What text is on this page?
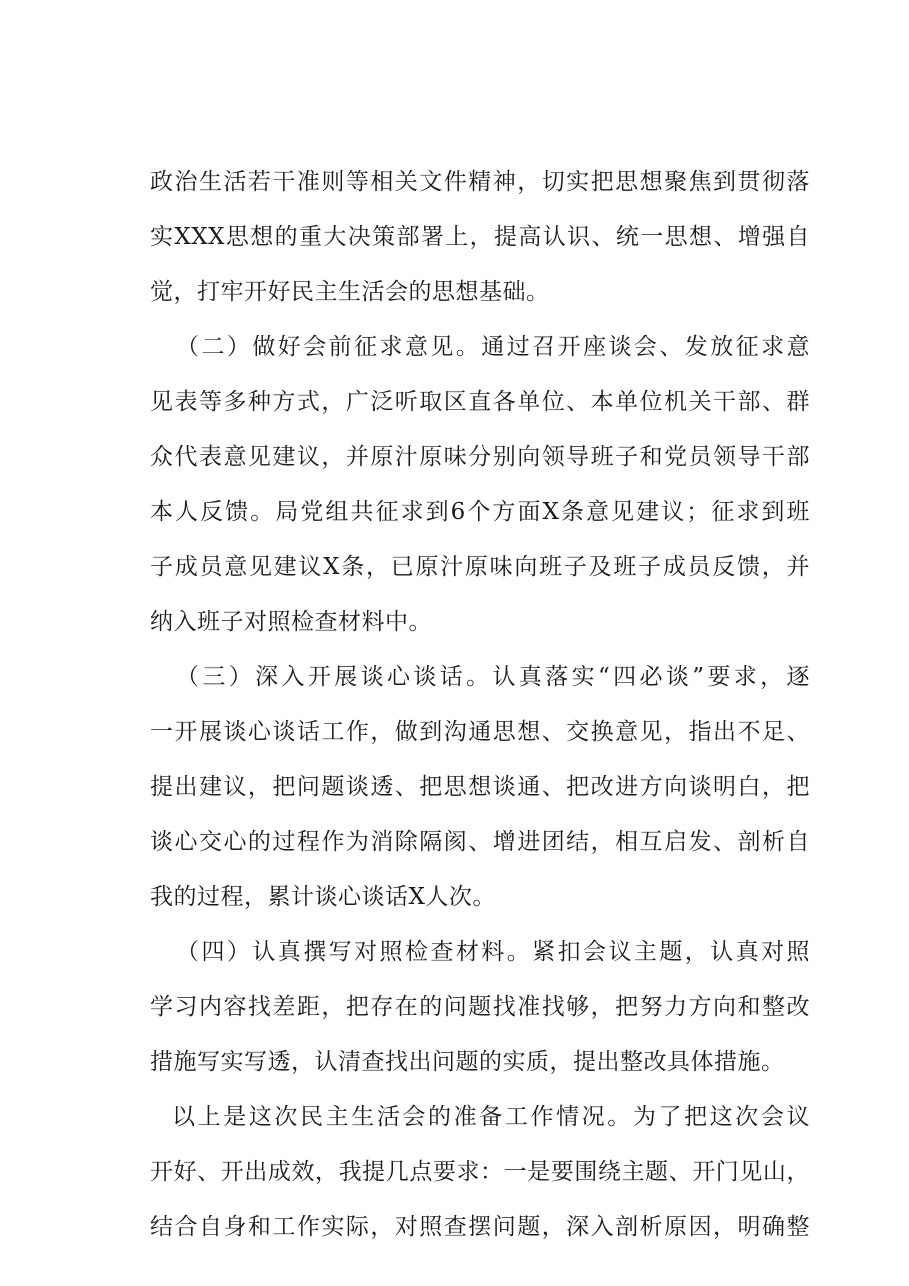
政治生活若干准则等相关文件精神，切实把思想聚焦到贯彻落
实XXX思想的重大决策部署上，提高认识、统一思想、增强自
觉，打牢开好民主生活会的思想基础。
（二）做好会前征求意见。通过召开座谈会、发放征求意
见表等多种方式，广泛听取区直各单位、本单位机关干部、群
众代表意见建议，并原汁原味分别向领导班子和党员领导干部
本人反馈。局党组共征求到6个方面X条意见建议；征求到班
子成员意见建议X条，已原汁原味向班子及班子成员反馈，并
纳入班子对照检查材料中。
（三）深入开展谈心谈话。认真落实“四必谈”要求，逐
一开展谈心谈话工作，做到沟通思想、交换意见，指出不足、
提出建议，把问题谈透、把思想谈通、把改进方向谈明白，把
谈心交心的过程作为消除隔阂、增进团结，相互启发、剖析自
我的过程，累计谈心谈话X人次。
（四）认真撰写对照检查材料。紧扣会议主题，认真对照
学习内容找差距，把存在的问题找准找够，把努力方向和整改
措施写实写透，认清查找出问题的实质，提出整改具体措施。
以上是这次民主生活会的准备工作情况。为了把这次会议
开好、开出成效，我提几点要求：一是要围绕主题、开门见山，
结合自身和工作实际，对照查摆问题，深入剖析原因，明确整
